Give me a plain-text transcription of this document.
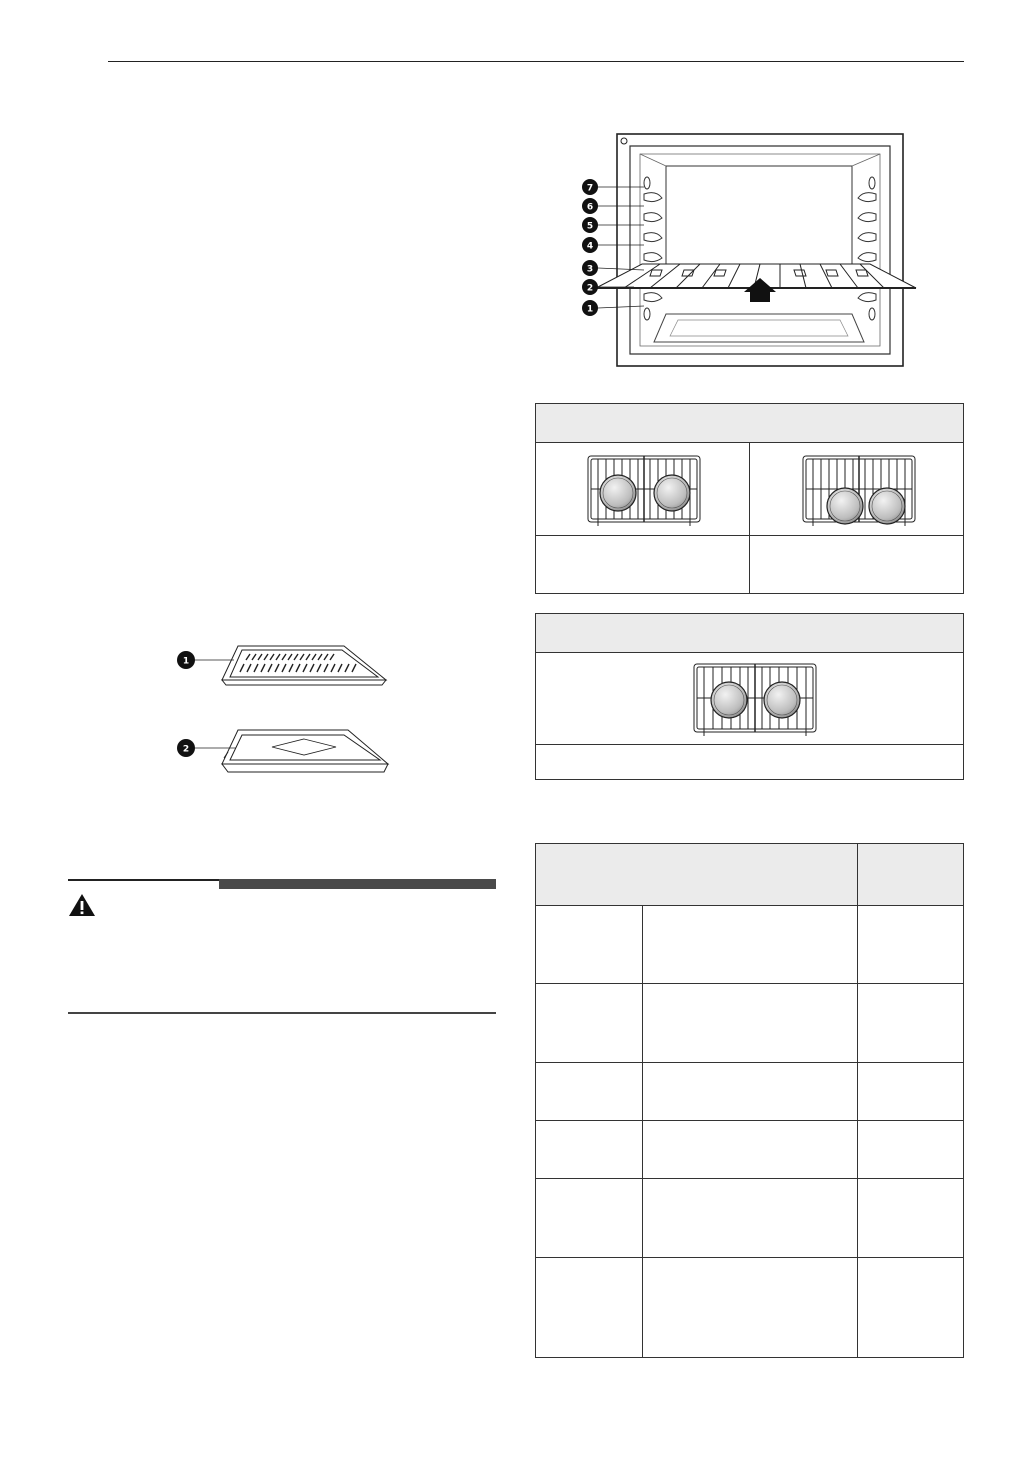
7
6
5
4
3
2
1
1
2
